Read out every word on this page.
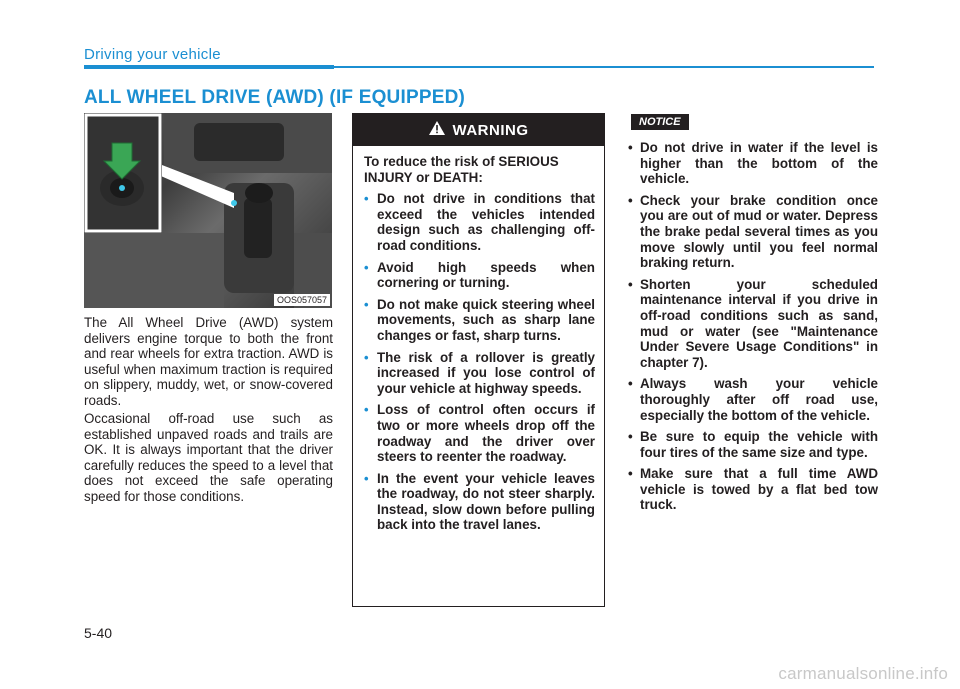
Driving your vehicle
ALL WHEEL DRIVE (AWD) (IF EQUIPPED)
OOS057057

The All Wheel Drive (AWD) system delivers engine torque to both the front and rear wheels for extra traction. AWD is useful when maximum traction is required on slippery, muddy, wet, or snow-covered roads.

Occasional off-road use such as established unpaved roads and trails are OK. It is always important that the driver carefully reduces the speed to a level that does not exceed the safe operating speed for those conditions.

WARNING

To reduce the risk of SERIOUS INJURY or DEATH:

• Do not drive in conditions that exceed the vehicles intended design such as challenging off-road conditions.
• Avoid high speeds when cornering or turning.
• Do not make quick steering wheel movements, such as sharp lane changes or fast, sharp turns.
• The risk of a rollover is greatly increased if you lose control of your vehicle at highway speeds.
• Loss of control often occurs if two or more wheels drop off the roadway and the driver over steers to reenter the roadway.
• In the event your vehicle leaves the roadway, do not steer sharply. Instead, slow down before pulling back into the travel lanes.
NOTICE
• Do not drive in water if the level is higher than the bottom of the vehicle.
• Check your brake condition once you are out of mud or water. Depress the brake pedal several times as you move slowly until you feel normal braking return.
• Shorten your scheduled maintenance interval if you drive in off-road conditions such as sand, mud or water (see "Maintenance Under Severe Usage Conditions" in chapter 7).
• Always wash your vehicle thoroughly after off road use, especially the bottom of the vehicle.
• Be sure to equip the vehicle with four tires of the same size and type.
• Make sure that a full time AWD vehicle is towed by a flat bed tow truck.
5-40
carmanualsonline.info
